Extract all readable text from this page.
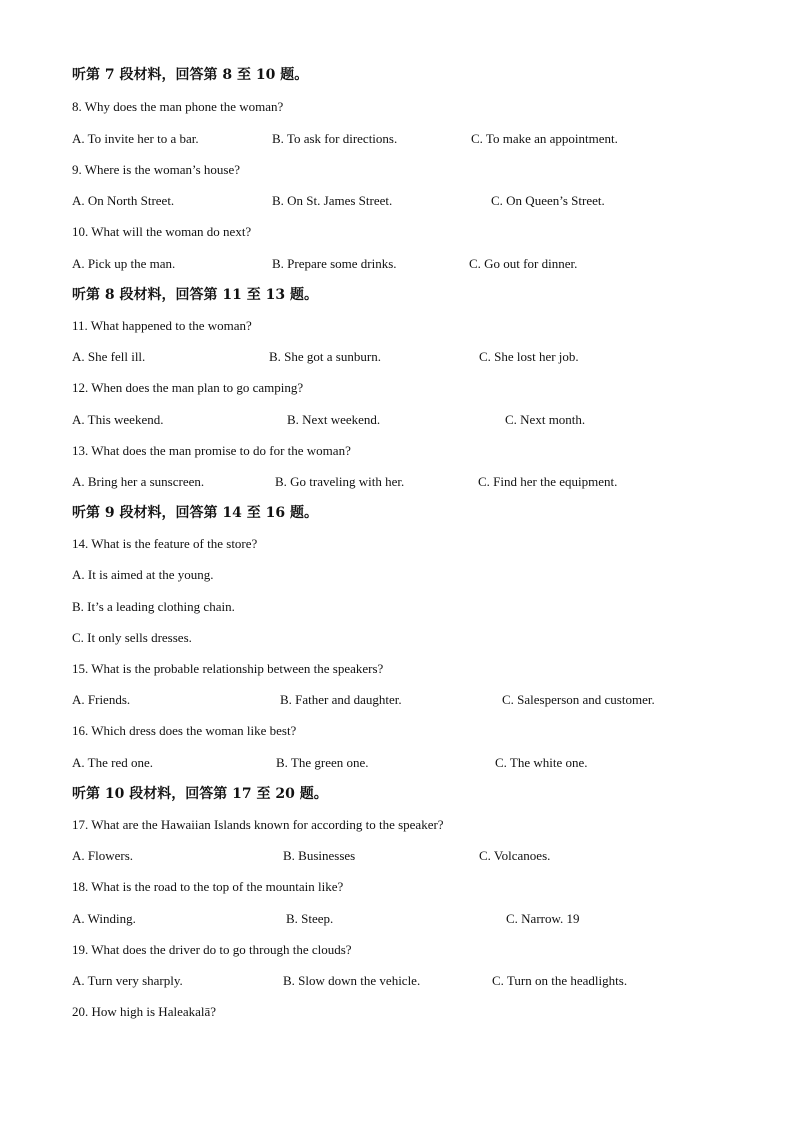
听第 7 段材料，回答第 8 至 10 题。
8. Why does the man phone the woman?
A. To invite her to a bar.	B. To ask for directions.	C. To make an appointment.
9. Where is the woman’s house?
A. On North Street.	B. On St. James Street.	C. On Queen’s Street.
10. What will the woman do next?
A. Pick up the man.	B. Prepare some drinks.	C. Go out for dinner.
听第 8 段材料，回答第 11 至 13 题。
11. What happened to the woman?
A. She fell ill.	B. She got a sunburn.	C. She lost her job.
12. When does the man plan to go camping?
A. This weekend.	B. Next weekend.	C. Next month.
13. What does the man promise to do for the woman?
A. Bring her a sunscreen.	B. Go traveling with her.	C. Find her the equipment.
听第 9 段材料，回答第 14 至 16 题。
14. What is the feature of the store?
A. It is aimed at the young.
B. It’s a leading clothing chain.
C. It only sells dresses.
15. What is the probable relationship between the speakers?
A. Friends.	B. Father and daughter.	C. Salesperson and customer.
16. Which dress does the woman like best?
A. The red one.	B. The green one.	C. The white one.
听第 10 段材料，回答第 17 至 20 题。
17. What are the Hawaiian Islands known for according to the speaker?
A. Flowers.	B. Businesses	C. Volcanoes.
18. What is the road to the top of the mountain like?
A. Winding.	B. Steep.	C. Narrow. 19
19. What does the driver do to go through the clouds?
A. Turn very sharply.	B. Slow down the vehicle.	C. Turn on the headlights.
20. How high is Haleakalā?
